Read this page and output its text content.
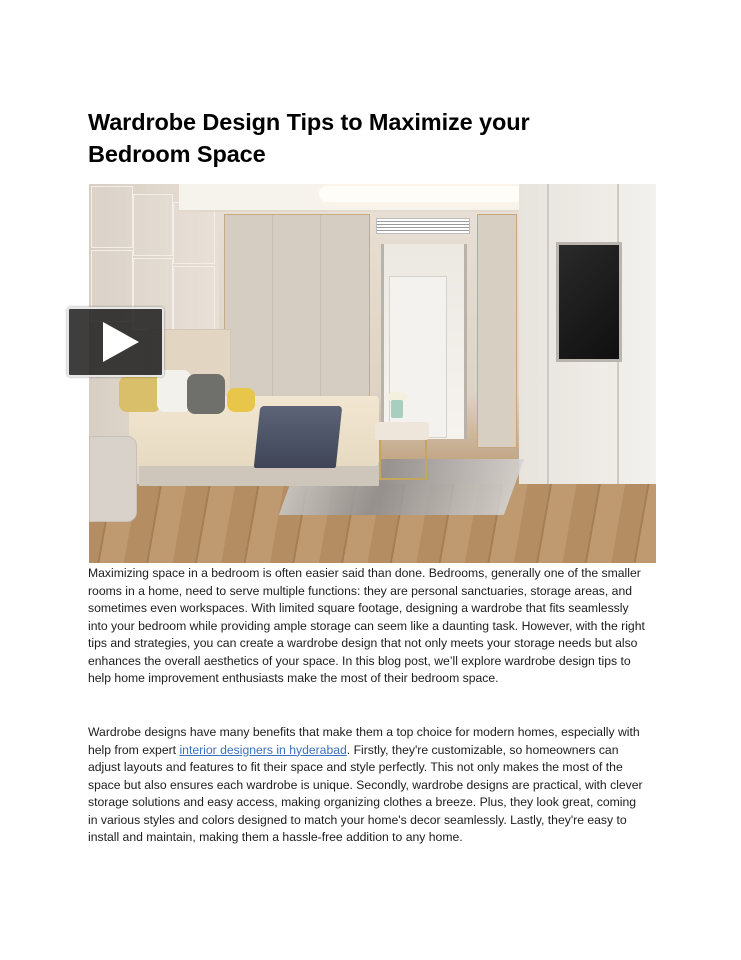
Wardrobe Design Tips to Maximize your Bedroom Space

Maximizing space in a bedroom is often easier said than done. Bedrooms, generally one of the smaller rooms in a home, need to serve multiple functions: they are personal sanctuaries, storage areas, and sometimes even workspaces. With limited square footage, designing a wardrobe that fits seamlessly into your bedroom while providing ample storage can seem like a daunting task. However, with the right tips and strategies, you can create a wardrobe design that not only meets your storage needs but also enhances the overall aesthetics of your space. In this blog post, we’ll explore wardrobe design tips to help home improvement enthusiasts make the most of their bedroom space.

Wardrobe designs have many benefits that make them a top choice for modern homes, especially with help from expert interior designers in hyderabad. Firstly, they're customizable, so homeowners can adjust layouts and features to fit their space and style perfectly. This not only makes the most of the space but also ensures each wardrobe is unique. Secondly, wardrobe designs are practical, with clever storage solutions and easy access, making organizing clothes a breeze. Plus, they look great, coming in various styles and colors designed to match your home's decor seamlessly. Lastly, they're easy to install and maintain, making them a hassle-free addition to any home.
